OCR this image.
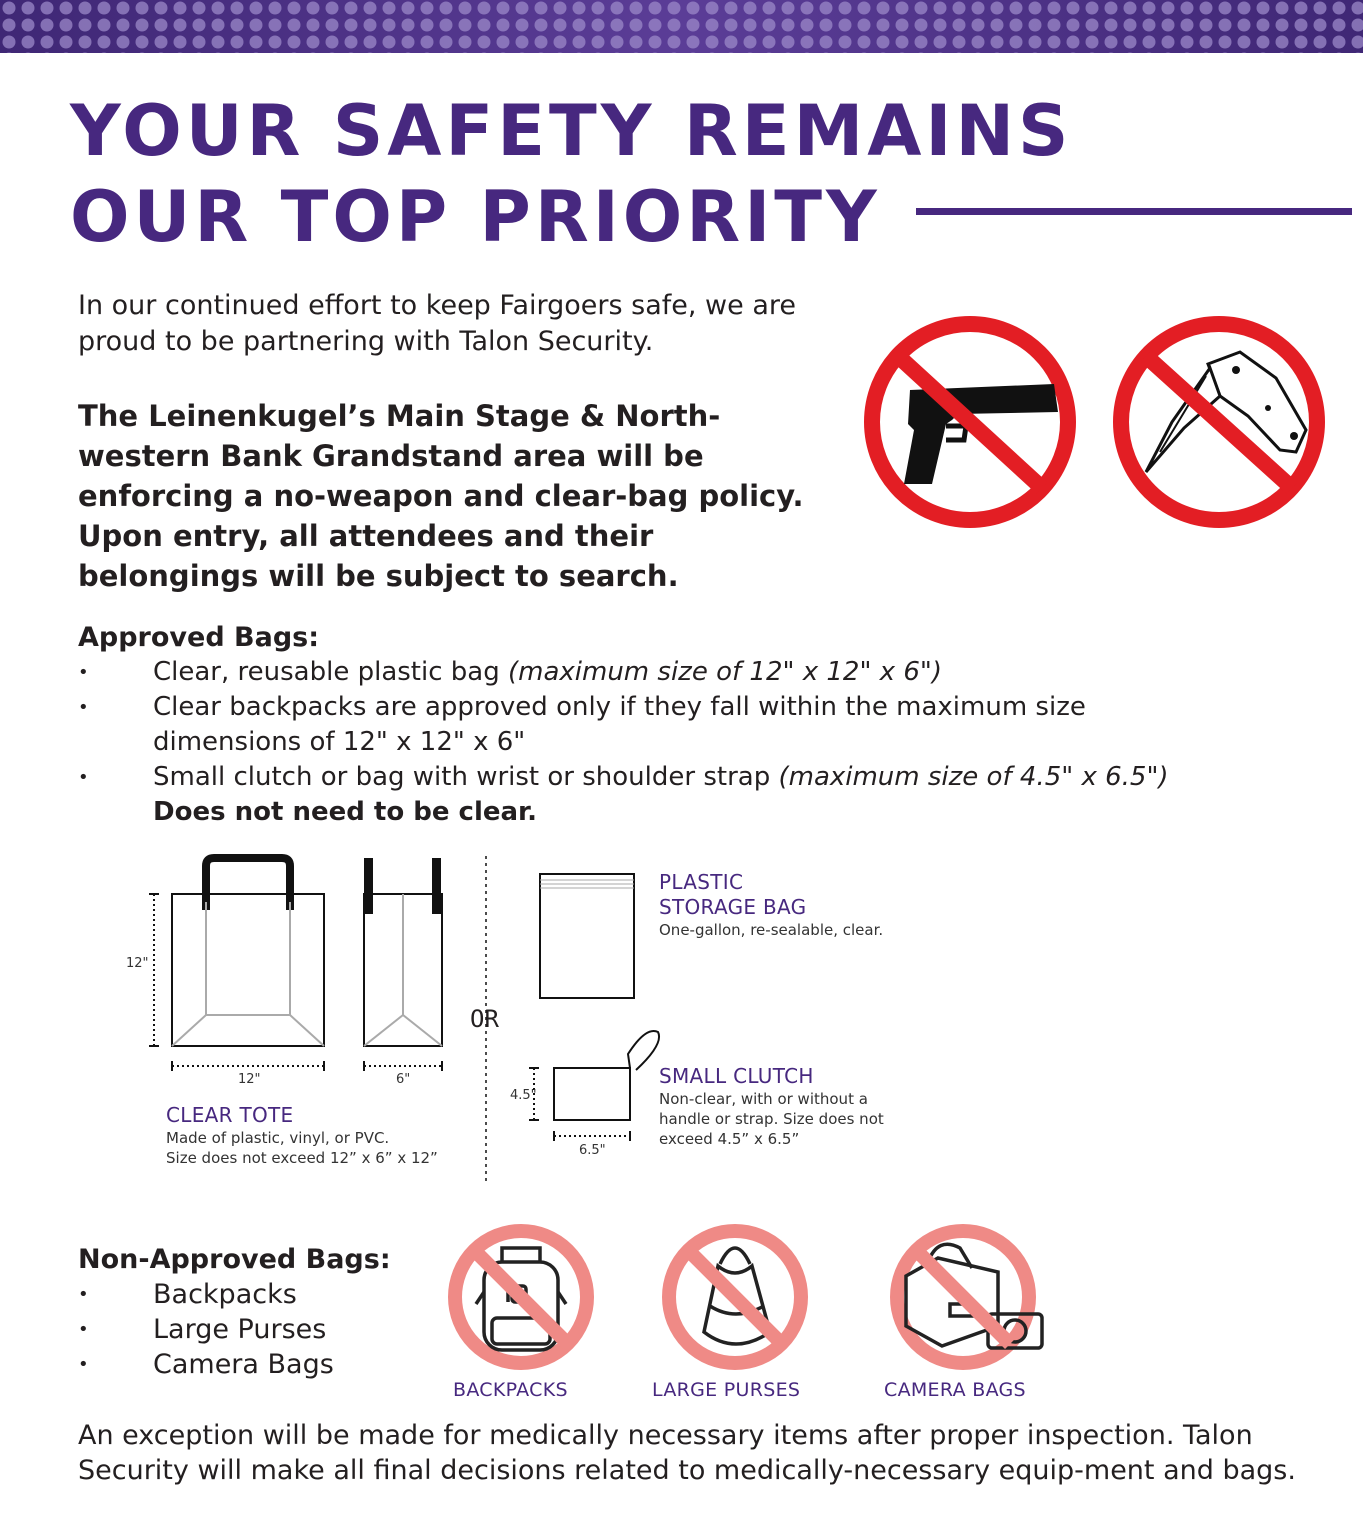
YOUR SAFETY REMAINS
OUR TOP PRIORITY

In our continued effort to keep Fairgoers safe, we are proud to be partnering with Talon Security.

The Leinenkugel’s Main Stage & North-western Bank Grandstand area will be enforcing a no-weapon and clear-bag policy. Upon entry, all attendees and their belongings will be subject to search.

Approved Bags:
•	Clear, reusable plastic bag (maximum size of 12" x 12" x 6")
•	Clear backpacks are approved only if they fall within the maximum size dimensions of 12" x 12" x 6"
•	Small clutch or bag with wrist or shoulder strap (maximum size of 4.5" x 6.5")
Does not need to be clear.
12"
12"	6"
OR
4.5"
6.5"
CLEAR TOTE
Made of plastic, vinyl, or PVC.
Size does not exceed 12” x 6” x 12”
PLASTIC
STORAGE BAG
One-gallon, re-sealable, clear.
SMALL CLUTCH
Non-clear, with or without a
handle or strap. Size does not
exceed 4.5” x 6.5”
Non-Approved Bags:
• Backpacks
• Large Purses
• Camera Bags
BACKPACKS	LARGE PURSES	CAMERA BAGS

An exception will be made for medically necessary items after proper inspection. Talon Security will make all final decisions related to medically-necessary equip-ment and bags.
